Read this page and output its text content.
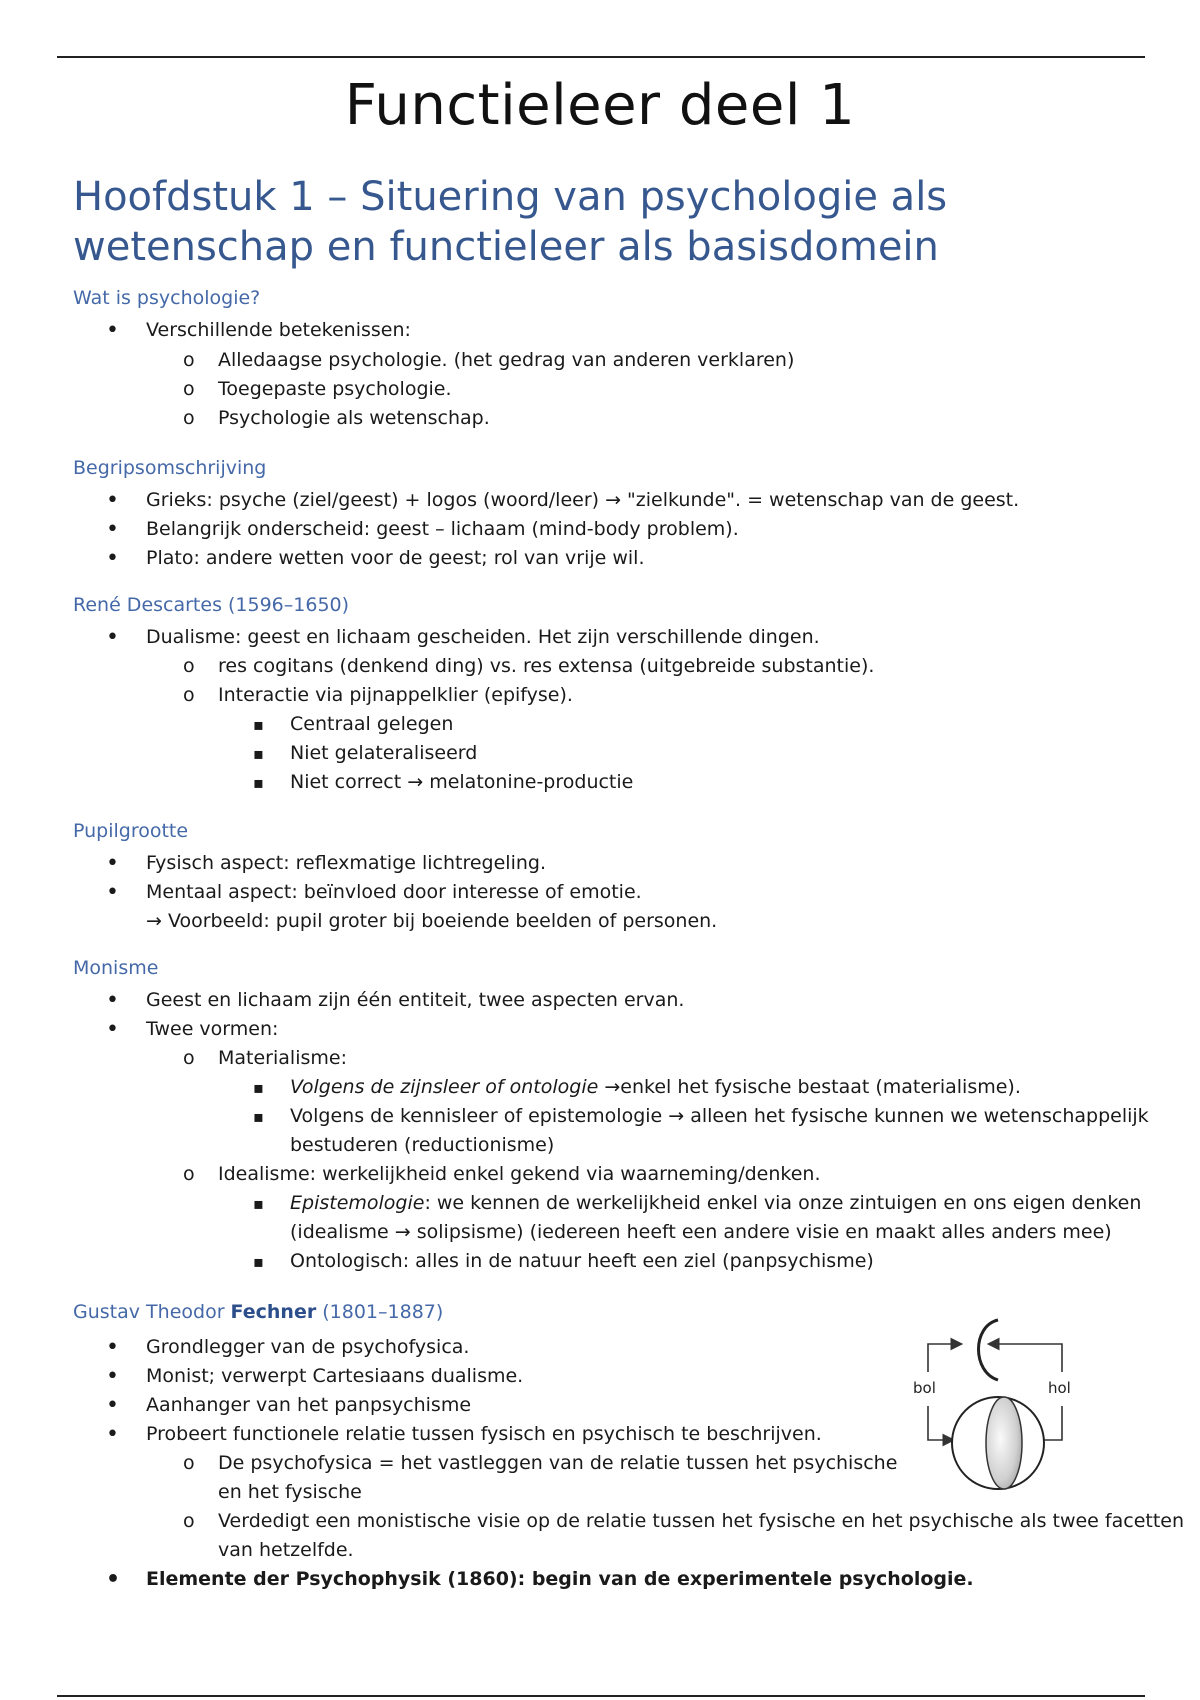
Functieleer deel 1
Hoofdstuk 1 – Situering van psychologie als wetenschap en functieleer als basisdomein
Wat is psychologie?
• Verschillende betekenissen:
o Alledaagse psychologie. (het gedrag van anderen verklaren)
o Toegepaste psychologie.
o Psychologie als wetenschap.
Begripsomschrijving
• Grieks: psyche (ziel/geest) + logos (woord/leer) → "zielkunde". = wetenschap van de geest.
• Belangrijk onderscheid: geest – lichaam (mind-body problem).
• Plato: andere wetten voor de geest; rol van vrije wil.
René Descartes (1596–1650)
• Dualisme: geest en lichaam gescheiden. Het zijn verschillende dingen.
o res cogitans (denkend ding) vs. res extensa (uitgebreide substantie).
o Interactie via pijnappelklier (epifyse).
▪ Centraal gelegen
▪ Niet gelateraliseerd
▪ Niet correct → melatonine-productie
Pupilgrootte
• Fysisch aspect: reflexmatige lichtregeling.
• Mentaal aspect: beïnvloed door interesse of emotie.
→ Voorbeeld: pupil groter bij boeiende beelden of personen.
Monisme
• Geest en lichaam zijn één entiteit, twee aspecten ervan.
• Twee vormen:
o Materialisme:
▪ Volgens de zijnsleer of ontologie →enkel het fysische bestaat (materialisme).
▪ Volgens de kennisleer of epistemologie → alleen het fysische kunnen we wetenschappelijk
bestuderen (reductionisme)
o Idealisme: werkelijkheid enkel gekend via waarneming/denken.
▪ Epistemologie: we kennen de werkelijkheid enkel via onze zintuigen en ons eigen denken
(idealisme → solipsisme) (iedereen heeft een andere visie en maakt alles anders mee)
▪ Ontologisch: alles in de natuur heeft een ziel (panpsychisme)
Gustav Theodor Fechner (1801–1887)
• Grondlegger van de psychofysica.
• Monist; verwerpt Cartesiaans dualisme.
• Aanhanger van het panpsychisme
• Probeert functionele relatie tussen fysisch en psychisch te beschrijven.
o De psychofysica = het vastleggen van de relatie tussen het psychische
en het fysische
o Verdedigt een monistische visie op de relatie tussen het fysische en het psychische als twee facetten
van hetzelfde.
• Elemente der Psychophysik (1860): begin van de experimentele psychologie.
bol	hol
